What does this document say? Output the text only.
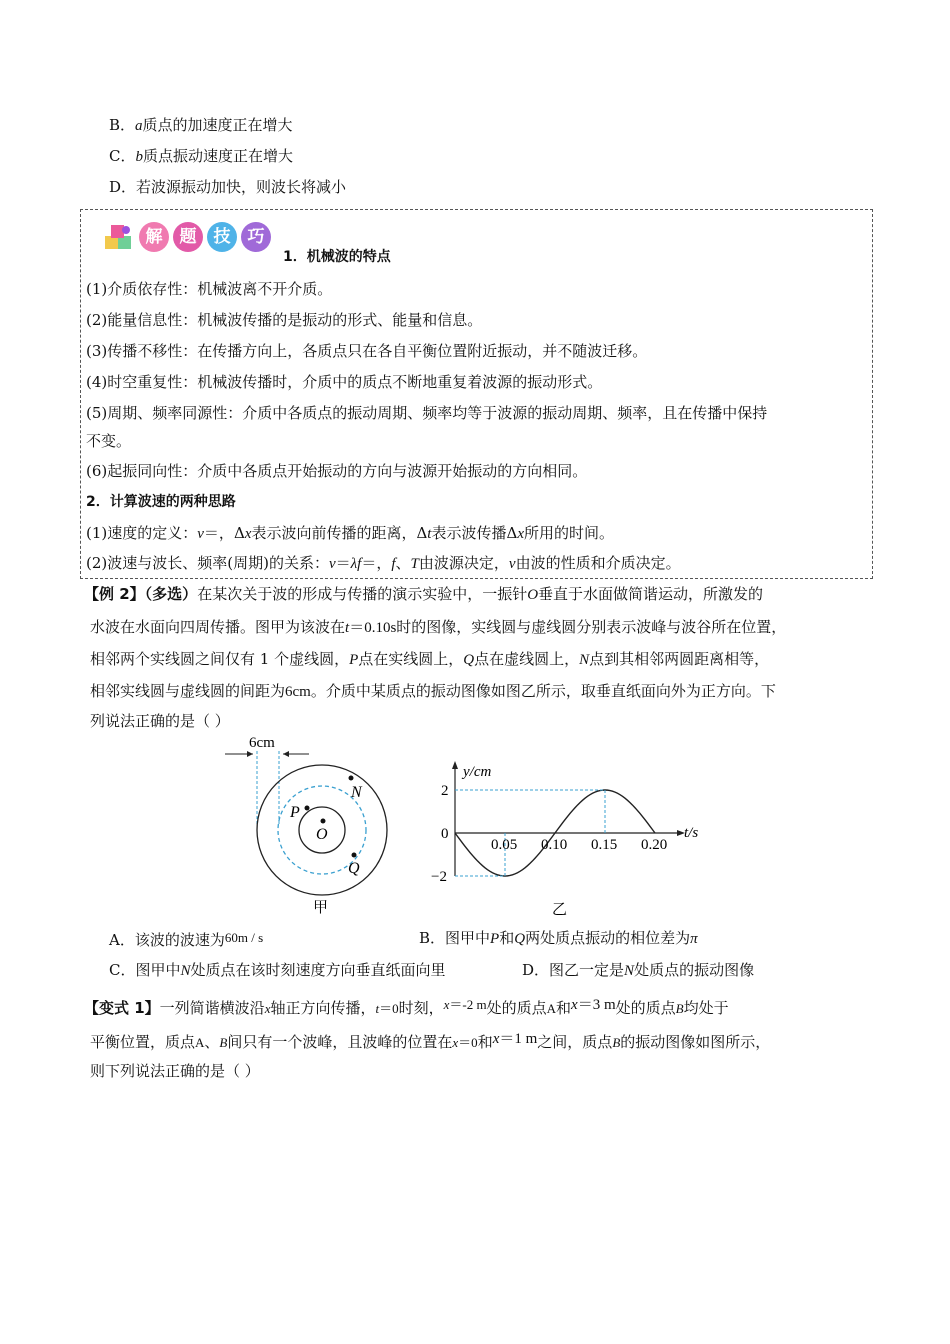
B．a质点的加速度正在增大
C．b质点振动速度正在增大
D．若波源振动加快，则波长将减小
解	题	技	巧
1．机械波的特点
(1)介质依存性：机械波离不开介质。
(2)能量信息性：机械波传播的是振动的形式、能量和信息。
(3)传播不移性：在传播方向上，各质点只在各自平衡位置附近振动，并不随波迁移。
(4)时空重复性：机械波传播时，介质中的质点不断地重复着波源的振动形式。
(5)周期、频率同源性：介质中各质点的振动周期、频率均等于波源的振动周期、频率，且在传播中保持
不变。
(6)起振同向性：介质中各质点开始振动的方向与波源开始振动的方向相同。
2．计算波速的两种思路
(1)速度的定义：v＝，Δx表示波向前传播的距离，Δt表示波传播Δx所用的时间。
(2)波速与波长、频率(周期)的关系：v＝λf＝，f、T由波源决定，v由波的性质和介质决定。
【例 2】（多选）在某次关于波的形成与传播的演示实验中，一振针O垂直于水面做简谐运动，所激发的
水波在水面向四周传播。图甲为该波在t＝0.10s时的图像，实线圆与虚线圆分别表示波峰与波谷所在位置，
相邻两个实线圆之间仅有 1 个虚线圆，P点在实线圆上，Q点在虚线圆上，N点到其相邻两圆距离相等，
相邻实线圆与虚线圆的间距为6cm。介质中某质点的振动图像如图乙所示，取垂直纸面向外为正方向。下
列说法正确的是（ ）
6cm
P
O
N
Q
甲
y/cm
t/s
0.05 0.10 0.15 0.20
2
0
−2
乙
A．该波的波速为60m / s	B．图甲中P和Q两处质点振动的相位差为π
C．图甲中N处质点在该时刻速度方向垂直纸面向里	D．图乙一定是N处质点的振动图像
【变式 1】一列简谐横波沿x轴正方向传播，t＝0时刻，x＝-2 m处的质点A和x＝3 m处的质点B均处于
平衡位置，质点A、B间只有一个波峰，且波峰的位置在x＝0和x＝1 m之间，质点B的振动图像如图所示，
则下列说法正确的是（ ）
